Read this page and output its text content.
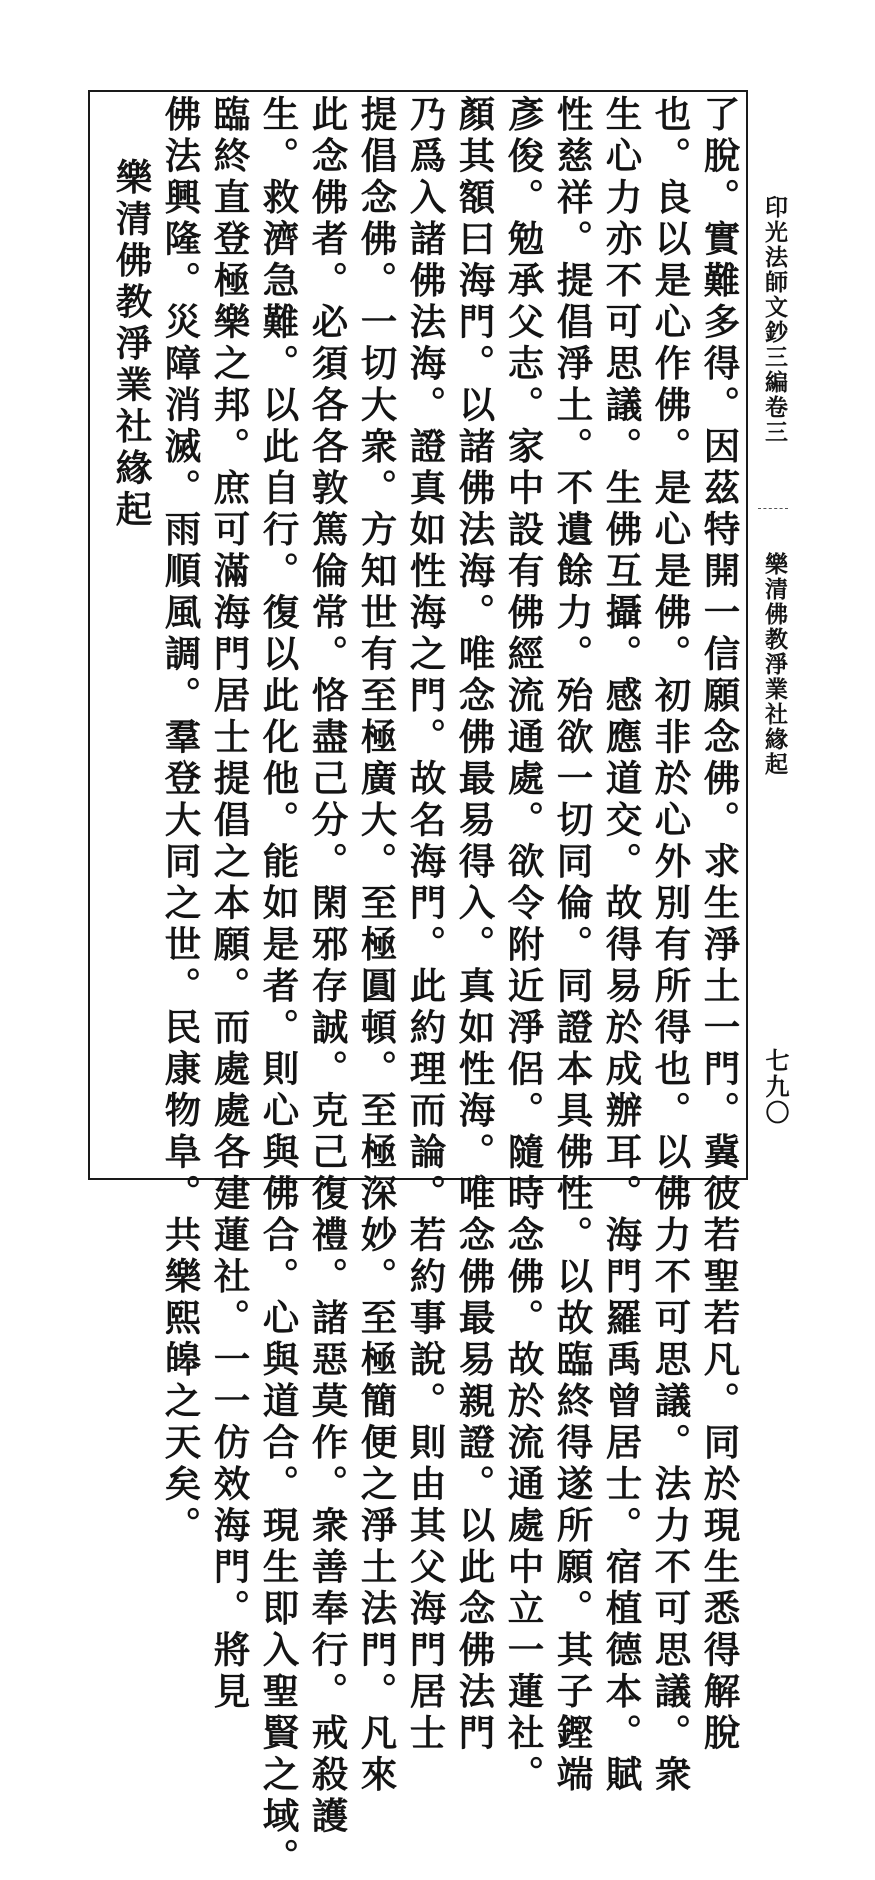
印光法師文鈔三編卷三
樂清佛教淨業社緣起
七九〇
了脫。實難多得。因茲特開一信願念佛。求生淨土一門。冀彼若聖若凡。同於現生悉得解脫
也。良以是心作佛。是心是佛。初非於心外別有所得也。以佛力不可思議。法力不可思議。衆
生心力亦不可思議。生佛互攝。感應道交。故得易於成辦耳。海門羅禹曾居士。宿植德本。賦
性慈祥。提倡淨土。不遺餘力。殆欲一切同倫。同證本具佛性。以故臨終得遂所願。其子鏗端
彥俊。勉承父志。家中設有佛經流通處。欲令附近淨侶。隨時念佛。故於流通處中立一蓮社。
顏其額曰海門。以諸佛法海。唯念佛最易得入。真如性海。唯念佛最易親證。以此念佛法門
乃爲入諸佛法海。證真如性海之門。故名海門。此約理而論。若約事說。則由其父海門居士
提倡念佛。一切大衆。方知世有至極廣大。至極圓頓。至極深妙。至極簡便之淨土法門。凡來
此念佛者。必須各各敦篤倫常。恪盡己分。閑邪存誠。克己復禮。諸惡莫作。衆善奉行。戒殺護
生。救濟急難。以此自行。復以此化他。能如是者。則心與佛合。心與道合。現生即入聖賢之域。
臨終直登極樂之邦。庶可滿海門居士提倡之本願。而處處各建蓮社。一一仿效海門。將見
佛法興隆。災障消滅。雨順風調。羣登大同之世。民康物阜。共樂熙皞之天矣。
樂清佛教淨業社緣起
